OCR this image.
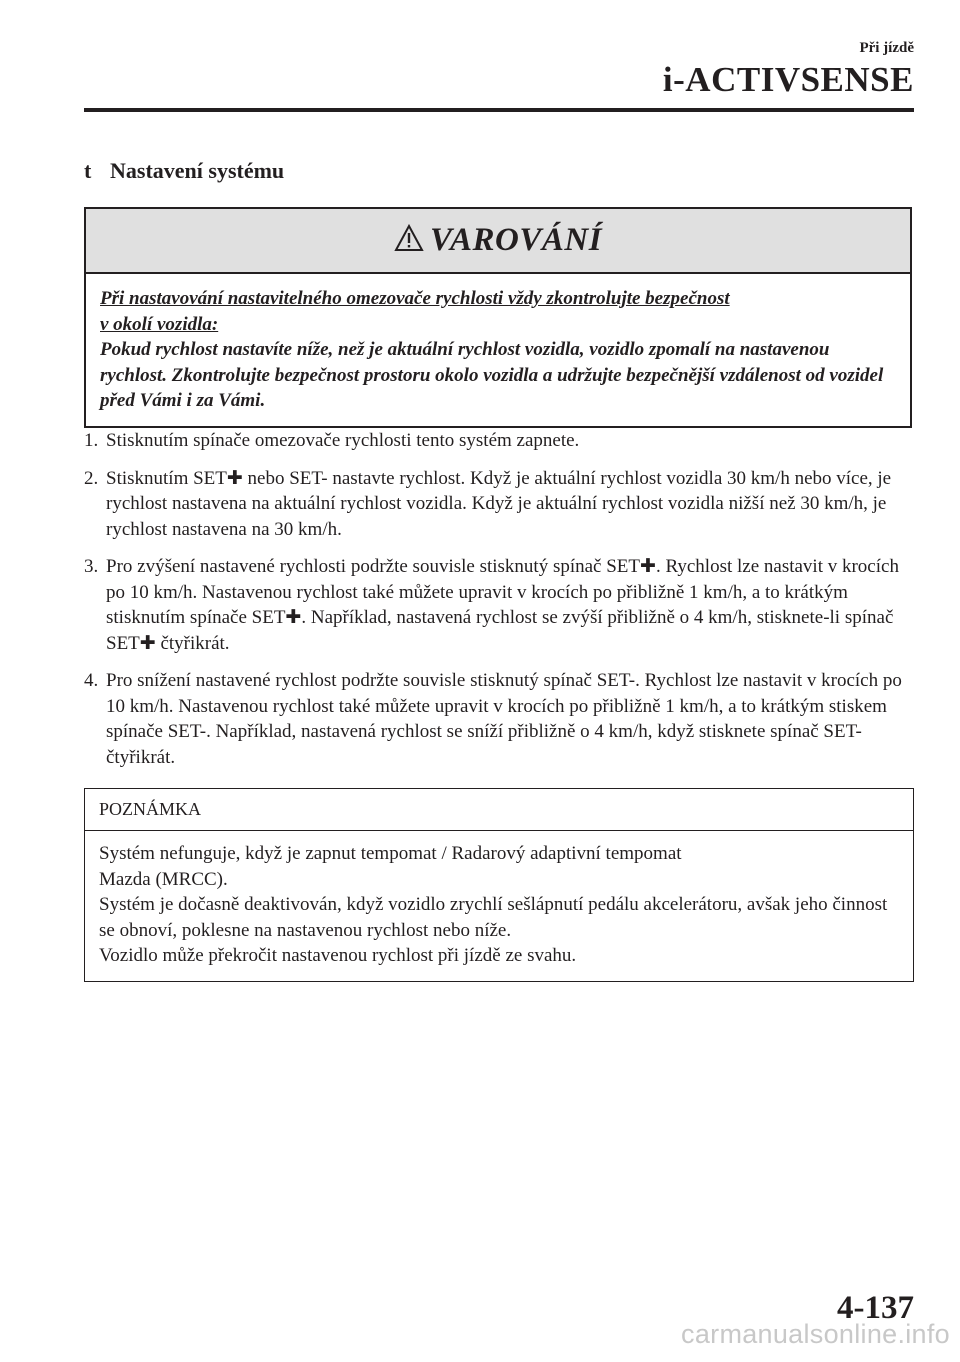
Při jízdě
i-ACTIVSENSE
t Nastavení systému
VAROVÁNÍ
Při nastavování nastavitelného omezovače rychlosti vždy zkontrolujte bezpečnost
v okolí vozidla:
Pokud rychlost nastavíte níže, než je aktuální rychlost vozidla, vozidlo zpomalí na nastavenou rychlost. Zkontrolujte bezpečnost prostoru okolo vozidla a udržujte bezpečnější vzdálenost od vozidel před Vámi i za Vámi.
1. Stisknutím spínače omezovače rychlosti tento systém zapnete.
2. Stisknutím SET✚ nebo SET- nastavte rychlost. Když je aktuální rychlost vozidla 30 km/h nebo více, je rychlost nastavena na aktuální rychlost vozidla. Když je aktuální rychlost vozidla nižší než 30 km/h, je rychlost nastavena na 30 km/h.
3. Pro zvýšení nastavené rychlosti podržte souvisle stisknutý spínač SET✚. Rychlost lze nastavit v krocích po 10 km/h. Nastavenou rychlost také můžete upravit v krocích po přibližně 1 km/h, a to krátkým stisknutím spínače SET✚. Například, nastavená rychlost se zvýší přibližně o 4 km/h, stisknete-li spínač SET✚ čtyřikrát.
4. Pro snížení nastavené rychlost podržte souvisle stisknutý spínač SET-. Rychlost lze nastavit v krocích po 10 km/h. Nastavenou rychlost také můžete upravit v krocích po přibližně 1 km/h, a to krátkým stiskem spínače SET-. Například, nastavená rychlost se sníží přibližně o 4 km/h, když stisknete spínač SET- čtyřikrát.
POZNÁMKA
Systém nefunguje, když je zapnut tempomat / Radarový adaptivní tempomat
Mazda (MRCC).
Systém je dočasně deaktivován, když vozidlo zrychlí sešlápnutí pedálu akcelerátoru, avšak jeho činnost se obnoví, poklesne na nastavenou rychlost nebo níže.
Vozidlo může překročit nastavenou rychlost při jízdě ze svahu.
4-137
carmanualsonline.info
